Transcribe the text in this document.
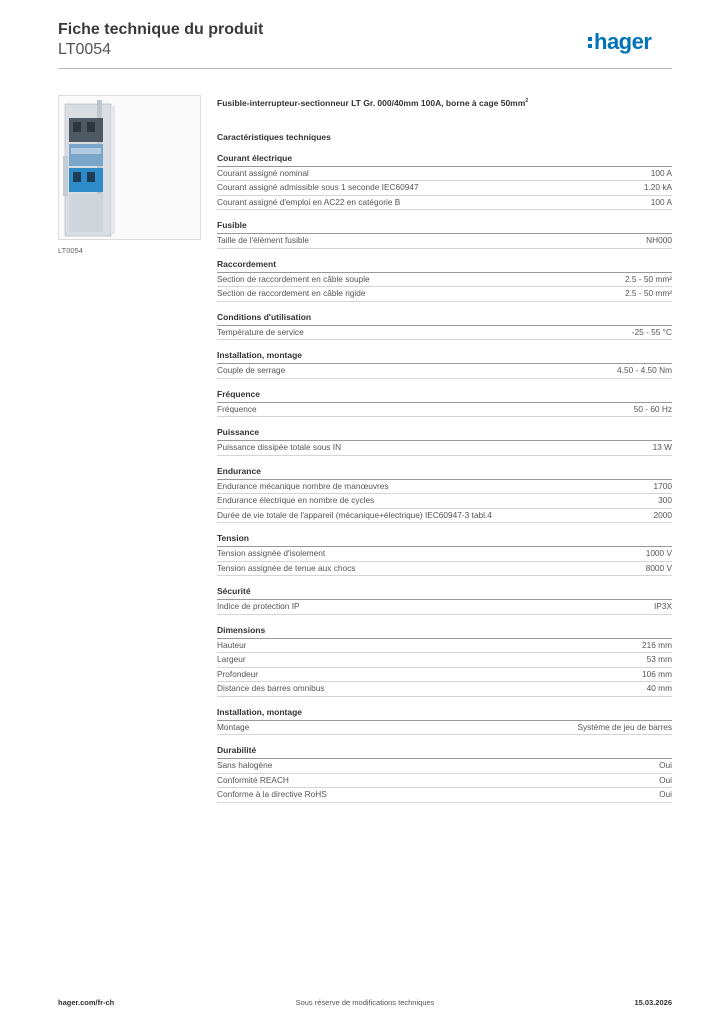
Fiche technique du produit
LT0054	hager
LT0054
Fusible-interrupteur-sectionneur LT Gr. 000/40mm 100A, borne à cage $50mm^2$
Caractéristiques techniques
Courant électrique
Courant assigné nominal	100 A
Courant assigné admissible sous 1 seconde IEC60947	1.20 kA
Courant assigné d'emploi en AC22 en catégorie B	100 A
Fusible
Taille de l'élément fusible	NH000
Raccordement
Section de raccordement en câble souple	2.5 - 50 mm²
Section de raccordement en câble rigide	2.5 - 50 mm²
Conditions d'utilisation
Température de service	-25 - 55 °C
Installation, montage
Couple de serrage	4.50 - 4.50 Nm
Fréquence
Fréquence	50 - 60 Hz
Puissance
Puissance dissipée totale sous IN	13 W
Endurance
Endurance mécanique nombre de manœuvres	1700
Endurance électrique en nombre de cycles	300
Durée de vie totale de l'appareil (mécanique+électrique) IEC60947-3 tabl.4	2000
Tension
Tension assignée d'isolement	1000 V
Tension assignée de tenue aux chocs	8000 V
Sécurité
Indice de protection IP	IP3X
Dimensions
Hauteur	216 mm
Largeur	53 mm
Profondeur	106 mm
Distance des barres omnibus	40 mm
Installation, montage
Montage	Système de jeu de barres
Durabilité
Sans halogène	Oui
Conformité REACH	Oui
Conforme à la directive RoHS	Oui
Sous réserve de modifications techniques
hager.com/fr-ch	15.03.2026
